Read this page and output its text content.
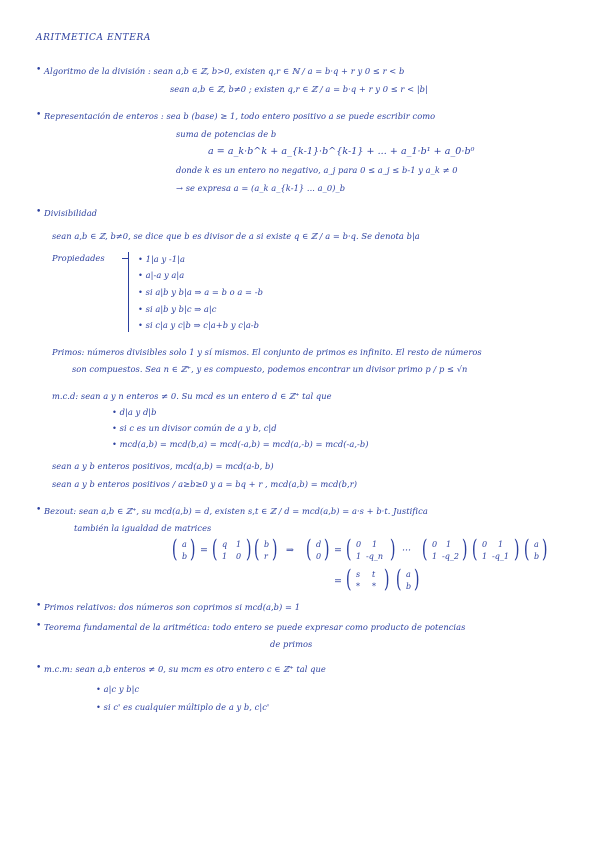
ARITMETICA ENTERA
• Algoritmo de la división : sean a,b ∈ ℤ, b>0, existen q,r ∈ ℕ / a = b·q + r y 0 ≤ r < b
sean a,b ∈ ℤ, b≠0 ; existen q,r ∈ ℤ / a = b·q + r y 0 ≤ r < |b|
• Representación de enteros : sea b (base) ≥ 1, todo entero positivo a se puede escribir como
suma de potencias de b
a = a_k·b^k + a_{k-1}·b^{k-1} + ... + a_1·b¹ + a_0·b⁰
donde k es un entero no negativo, a_j para 0 ≤ a_j ≤ b-1 y a_k ≠ 0
→ se expresa a = (a_k a_{k-1} ... a_0)_b
• Divisibilidad
sean a,b ∈ ℤ, b≠0, se dice que b es divisor de a si existe q ∈ ℤ / a = b·q. Se denota b|a
Propiedades	• 1|a y -1|a
• a|-a y a|a
• si a|b y b|a ⇒ a = b o a = -b
• si a|b y b|c ⇒ a|c
• si c|a y c|b ⇒ c|a+b y c|a-b
Primos: números divisibles solo 1 y sí mismos. El conjunto de primos es infinito. El resto de números
son compuestos. Sea n ∈ ℤ⁺, y es compuesto, podemos encontrar un divisor primo p / p ≤ √n
m.c.d: sean a y n enteros ≠ 0. Su mcd es un entero d ∈ ℤ⁺ tal que
• d|a y d|b
• si c es un divisor común de a y b, c|d
• mcd(a,b) = mcd(b,a) = mcd(-a,b) = mcd(a,-b) = mcd(-a,-b)
sean a y b enteros positivos, mcd(a,b) = mcd(a-b, b)
sean a y b enteros positivos / a≥b≥0 y a = bq + r , mcd(a,b) = mcd(b,r)
• Bezout: sean a,b ∈ ℤ⁺, su mcd(a,b) = d, existen s,t ∈ ℤ / d = mcd(a,b) = a·s + b·t. Justifica
también la igualdad de matrices
( a
b ) = ( q 1
1 0 ) ( b
r ) ⇒ ( d
0 ) = ( 0 1
1 -q_n ) ··· ( 0 1
1 -q_2 ) ( 0 1
1 -q_1 ) ( a
b )
= ( s t
* * ) ( a
b )
• Primos relativos: dos números son coprimos si mcd(a,b) = 1
• Teorema fundamental de la aritmética: todo entero se puede expresar como producto de potencias
de primos
• m.c.m: sean a,b enteros ≠ 0, su mcm es otro entero c ∈ ℤ⁺ tal que
• a|c y b|c
• si c' es cualquier múltiplo de a y b, c|c'
